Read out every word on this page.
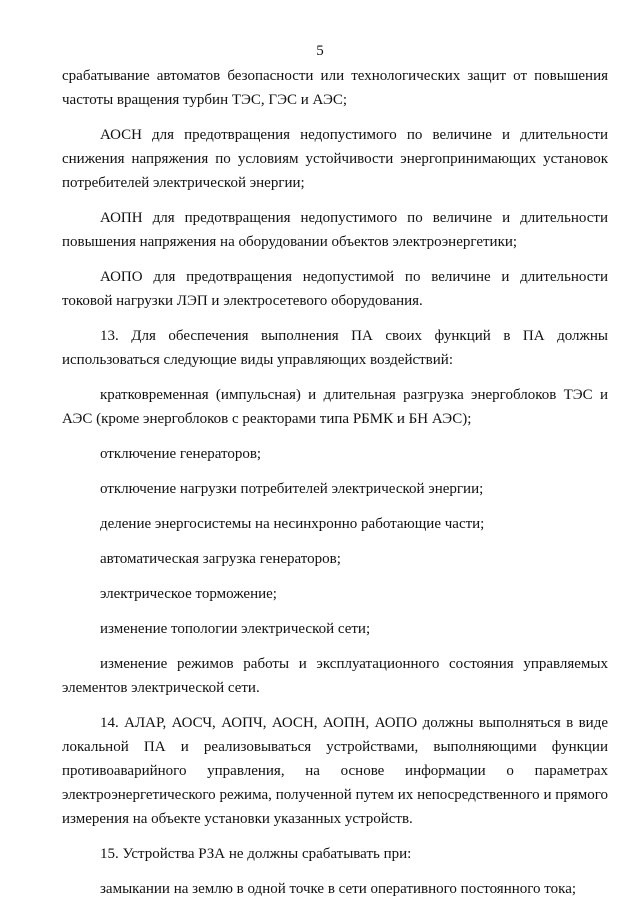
5

срабатывание автоматов безопасности или технологических защит от повышения частоты вращения турбин ТЭС, ГЭС и АЭС;

АОСН для предотвращения недопустимого по величине и длительности снижения напряжения по условиям устойчивости энергопринимающих установок потребителей электрической энергии;

АОПН для предотвращения недопустимого по величине и длительности повышения напряжения на оборудовании объектов электроэнергетики;

АОПО для предотвращения недопустимой по величине и длительности токовой нагрузки ЛЭП и электросетевого оборудования.

13. Для обеспечения выполнения ПА своих функций в ПА должны использоваться следующие виды управляющих воздействий:

кратковременная (импульсная) и длительная разгрузка энергоблоков ТЭС и АЭС (кроме энергоблоков с реакторами типа РБМК и БН АЭС);

отключение генераторов;

отключение нагрузки потребителей электрической энергии;

деление энергосистемы на несинхронно работающие части;

автоматическая загрузка генераторов;

электрическое торможение;

изменение топологии электрической сети;

изменение режимов работы и эксплуатационного состояния управляемых элементов электрической сети.

14. АЛАР, АОСЧ, АОПЧ, АОСН, АОПН, АОПО должны выполняться в виде локальной ПА и реализовываться устройствами, выполняющими функции противоаварийного управления, на основе информации о параметрах электроэнергетического режима, полученной путем их непосредственного и прямого измерения на объекте установки указанных устройств.

15. Устройства РЗА не должны срабатывать при:

замыкании на землю в одной точке в сети оперативного постоянного тока;
